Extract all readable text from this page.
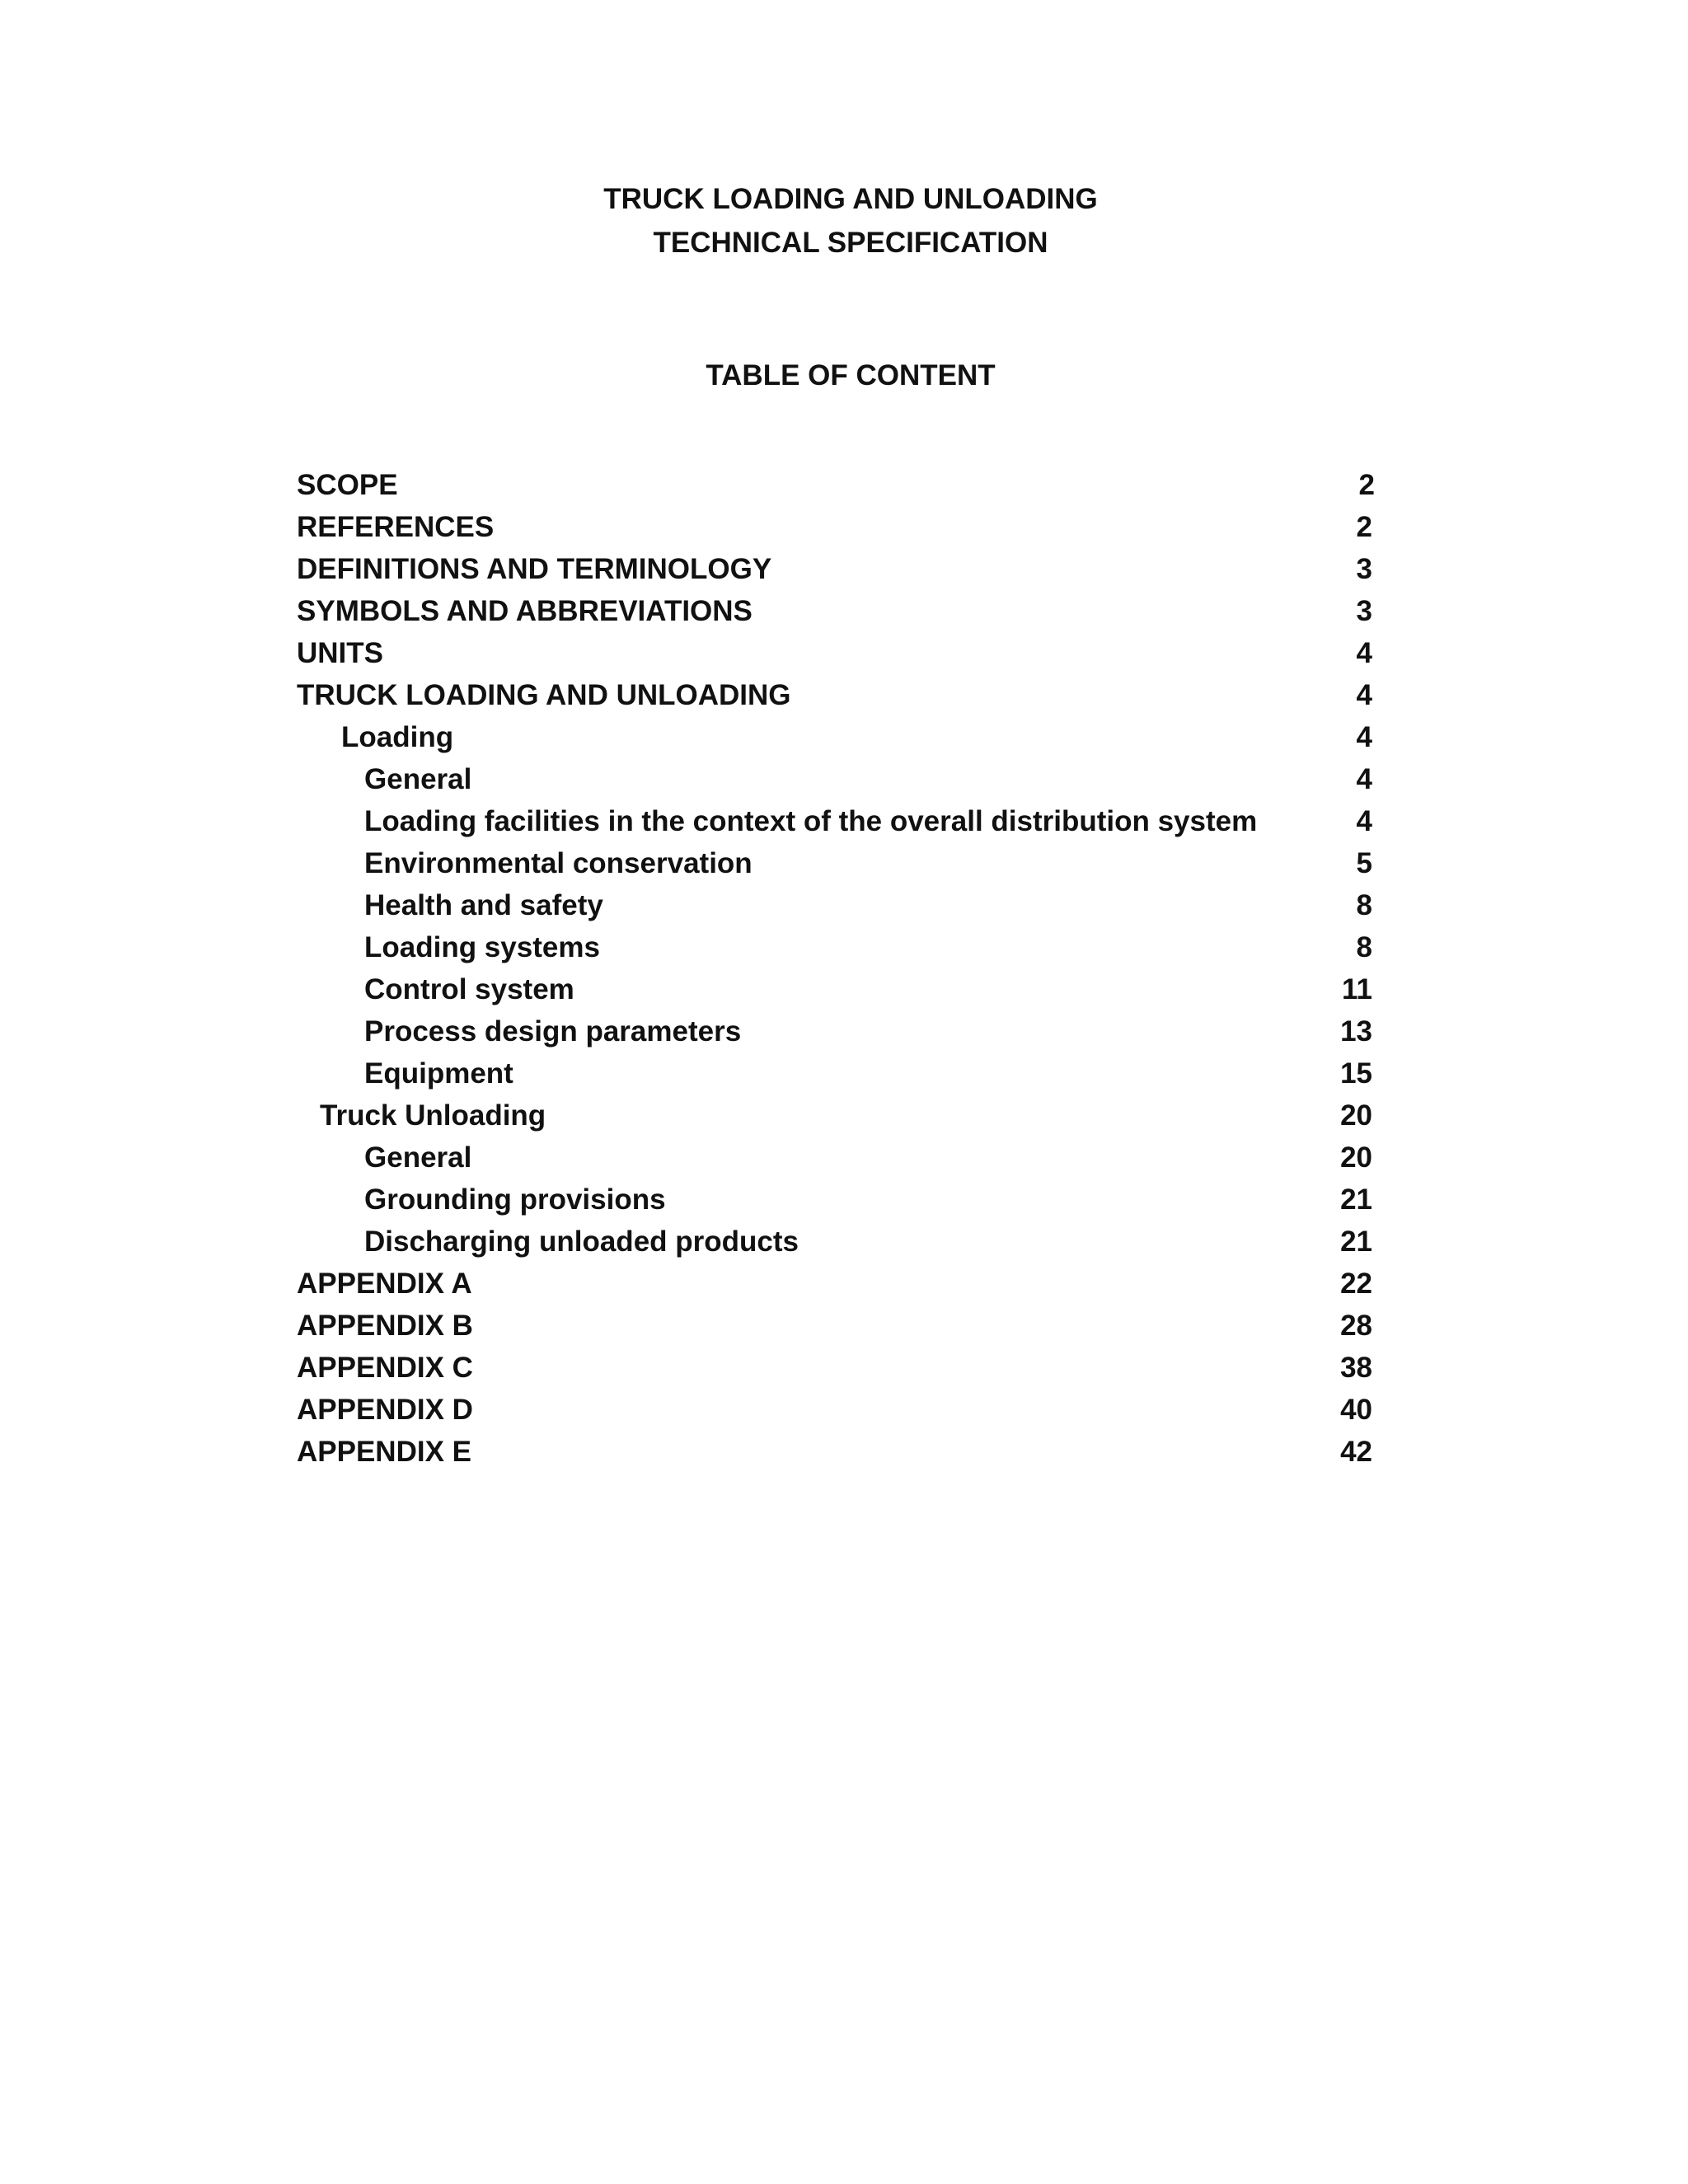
TRUCK LOADING AND UNLOADING
TECHNICAL SPECIFICATION
TABLE OF CONTENT
SCOPE	2
REFERENCES	2
DEFINITIONS AND TERMINOLOGY	3
SYMBOLS AND ABBREVIATIONS	3
UNITS	4
TRUCK LOADING AND UNLOADING	4
Loading	4
General	4
Loading facilities in the context of the overall distribution system	4
Environmental conservation	5
Health and safety	8
Loading systems	8
Control system	11
Process design parameters	13
Equipment	15
Truck Unloading	20
General	20
Grounding provisions	21
Discharging unloaded products	21
APPENDIX A	22
APPENDIX B	28
APPENDIX C	38
APPENDIX D	40
APPENDIX E	42
